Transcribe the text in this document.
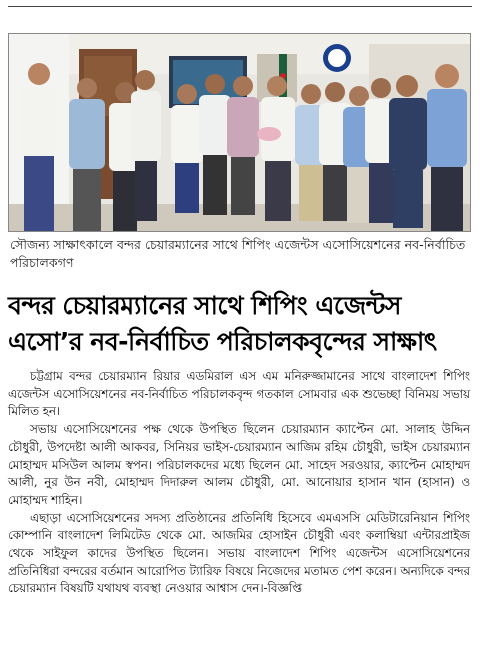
সৌজন্য সাক্ষাৎকালে বন্দর চেয়ারম্যানের সাথে শিপিং এজেন্টস এসোসিয়েশনের নব-নির্বাচিত পরিচালকগণ
বন্দর চেয়ারম্যানের সাথে শিপিং এজেন্টস
এসো’র নব-নির্বাচিত পরিচালকবৃন্দের সাক্ষাৎ

চট্টগ্রাম বন্দর চেয়ারম্যান রিয়ার এডমিরাল এস এম মনিরুজ্জামানের সাথে বাংলাদেশ শিপিং এজেন্টস এসোসিয়েশনের নব-নির্বাচিত পরিচালকবৃন্দ গতকাল সোমবার এক শুভেচ্ছা বিনিময় সভায় মিলিত হন।

সভায় এসোসিয়েশনের পক্ষ থেকে উপস্থিত ছিলেন চেয়ারম্যান ক্যাপ্টেন মো. সালাহ উদ্দিন চৌধুরী, উপদেষ্টা আলী আকবর, সিনিয়র ভাইস-চেয়ারম্যান আজিম রহিম চৌধুরী, ভাইস চেয়ারম্যান মোহাম্মদ মসিউল আলম স্বপন। পরিচালকদের মধ্যে ছিলেন মো. সাহেদ সরওয়ার, ক্যাপ্টেন মোহাম্মদ আলী, নুর উন নবী, মোহাম্মদ দিদারুল আলম চৌধুরী, মো. আনোয়ার হাসান খান (হাসান) ও মোহাম্মদ শাহিন।

এছাড়া এসোসিয়েশনের সদস্য প্রতিষ্ঠানের প্রতিনিধি হিসেবে এমএসসি মেডিটারেনিয়ান শিপিং কোম্পানি বাংলাদেশ লিমিটেড থেকে মো. আজমির হোসাইন চৌধুরী এবং কলাম্বিয়া এন্টারপ্রাইজ থেকে সাইফুল কাদের উপস্থিত ছিলেন। সভায় বাংলাদেশ শিপিং এজেন্টস এসোসিয়েশনের প্রতিনিধিরা বন্দরের বর্তমান আরোপিত ট্যারিফ বিষয়ে নিজেদের মতামত পেশ করেন। অন্যদিকে বন্দর চেয়ারম্যান বিষয়টি যথাযথ ব্যবস্থা নেওয়ার আশ্বাস দেন।-বিজ্ঞপ্তি
